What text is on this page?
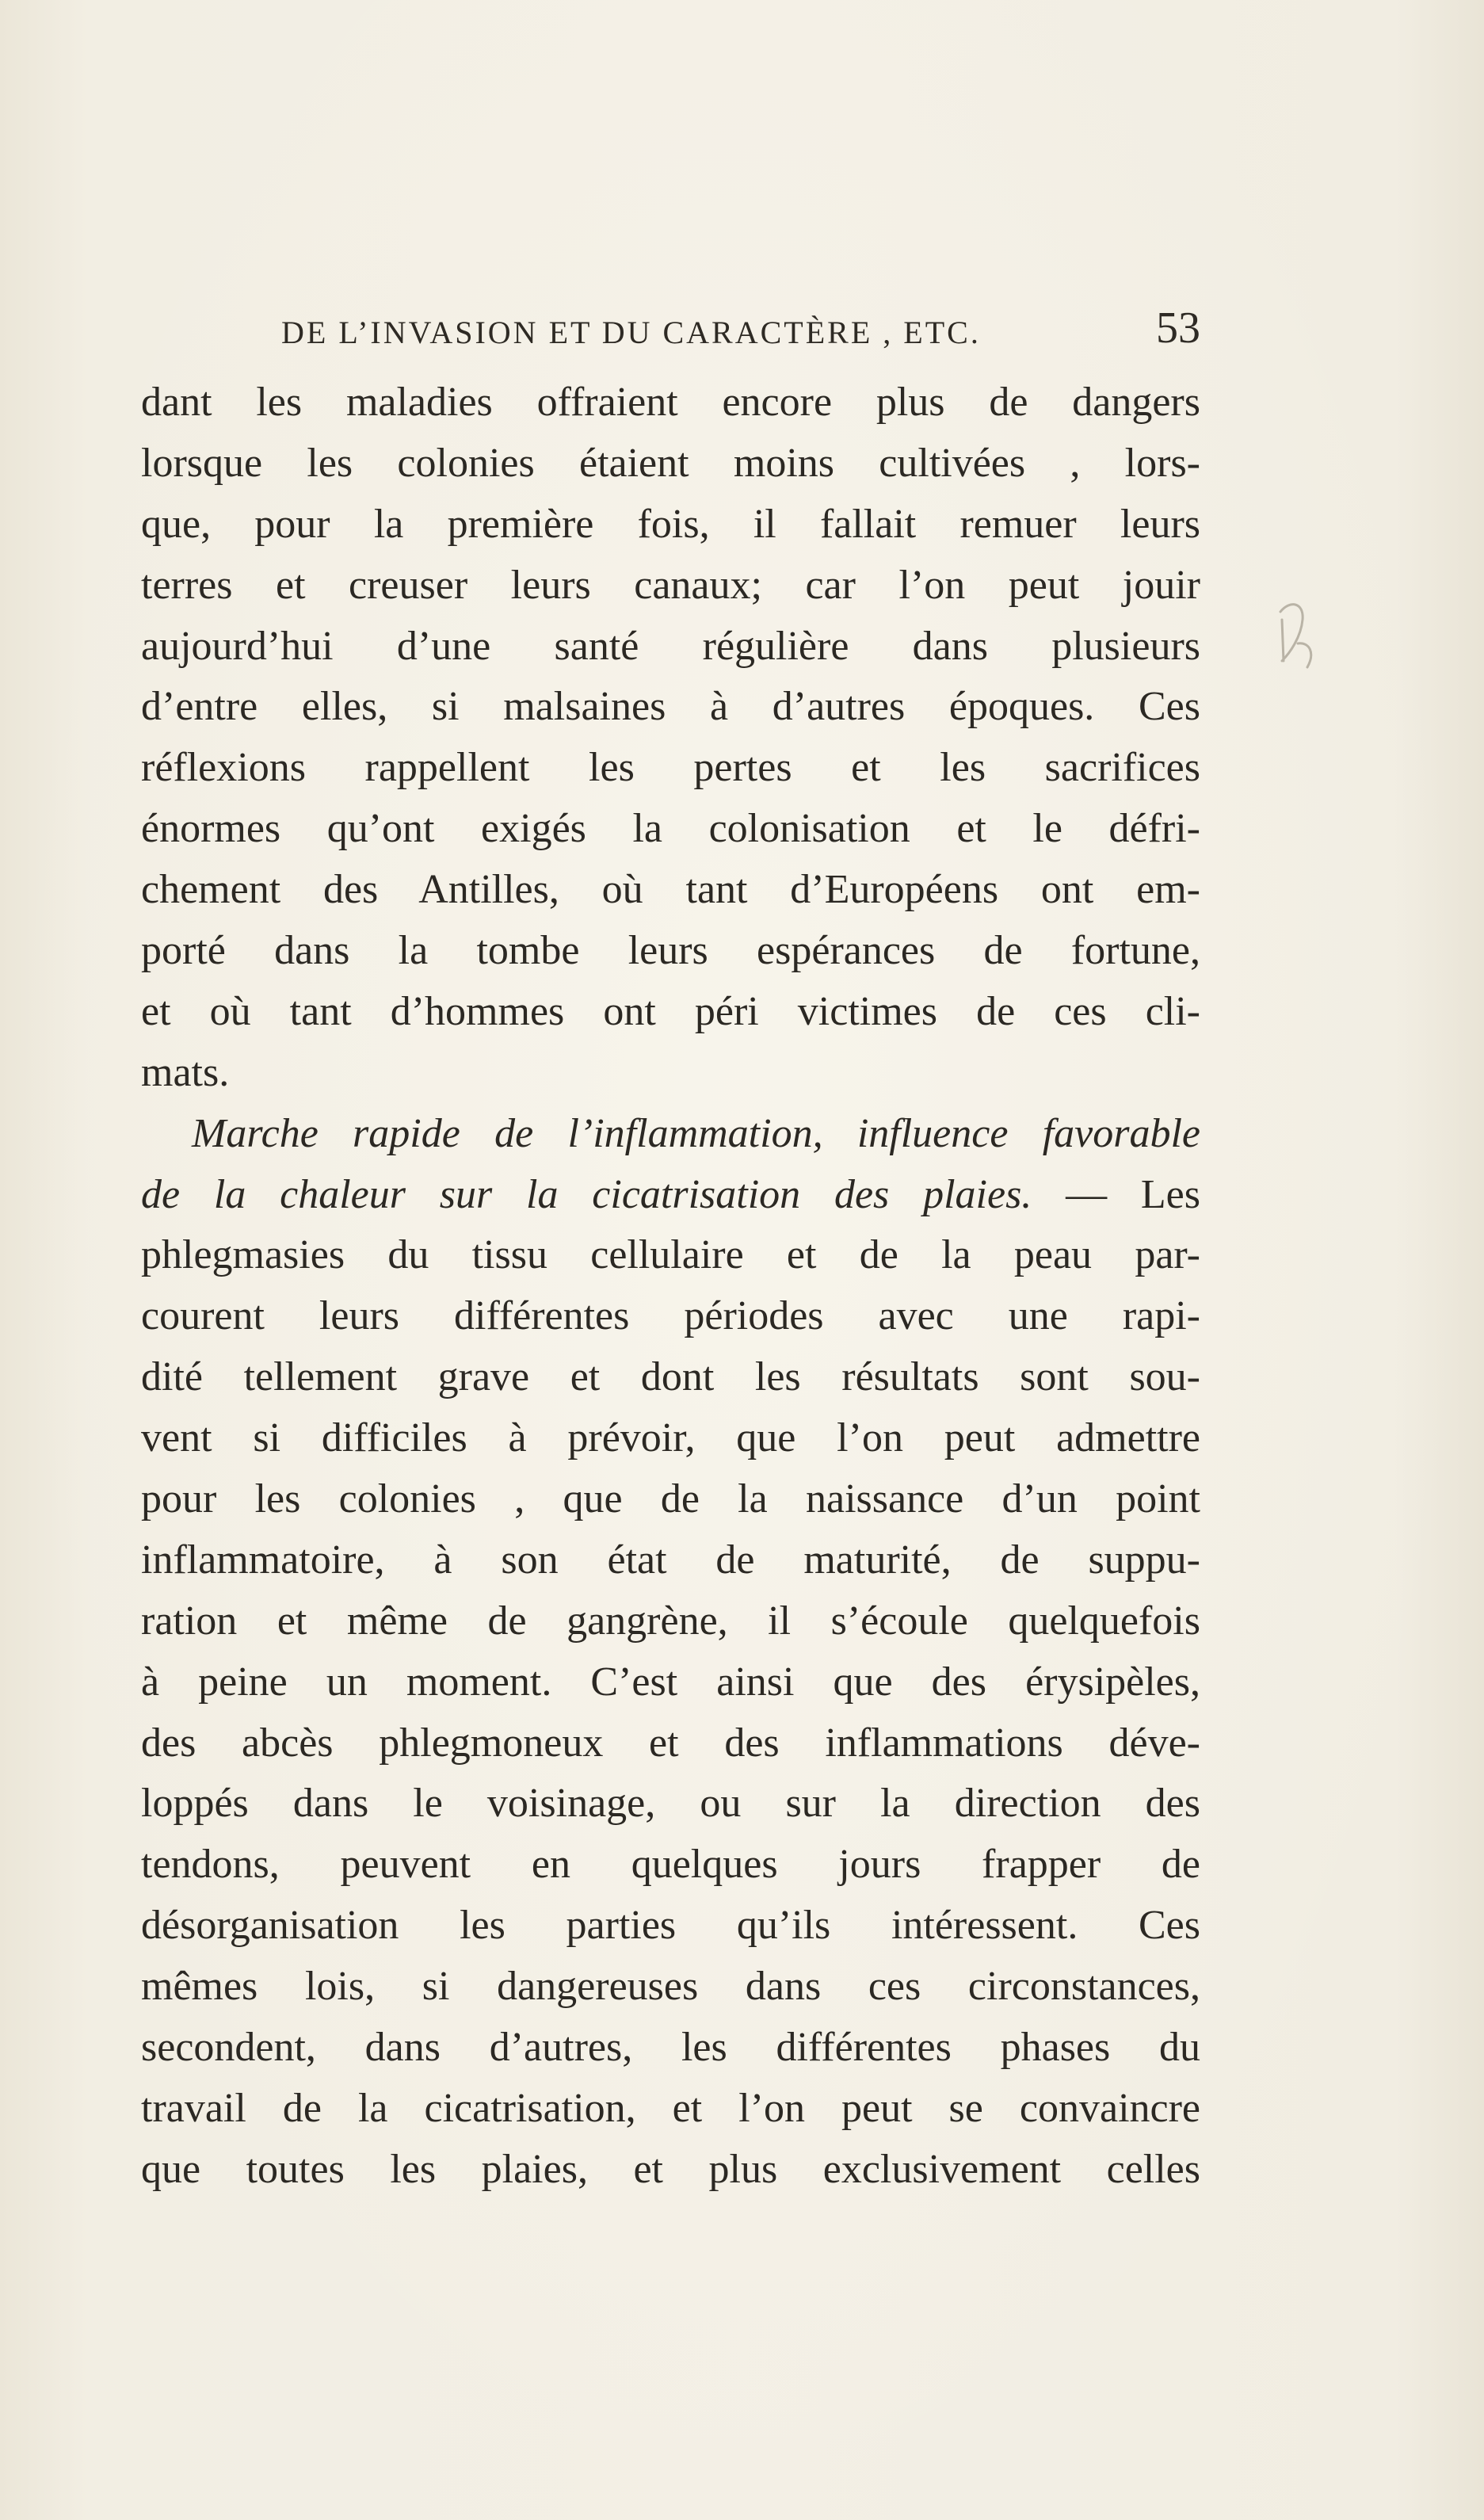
DE L’INVASION ET DU CARACTÈRE , ETC.	53
dant les maladies offraient encore plus de dangers
lorsque les colonies étaient moins cultivées , lors-
que, pour la première fois, il fallait remuer leurs
terres et creuser leurs canaux; car l’on peut jouir
aujourd’hui d’une santé régulière dans plusieurs
d’entre elles, si malsaines à d’autres époques. Ces
réflexions rappellent les pertes et les sacrifices
énormes qu’ont exigés la colonisation et le défri-
chement des Antilles, où tant d’Européens ont em-
porté dans la tombe leurs espérances de fortune,
et où tant d’hommes ont péri victimes de ces cli-
mats.
Marche rapide de l’inflammation, influence favorable
de la chaleur sur la cicatrisation des plaies. — Les
phlegmasies du tissu cellulaire et de la peau par-
courent leurs différentes périodes avec une rapi-
dité tellement grave et dont les résultats sont sou-
vent si difficiles à prévoir, que l’on peut admettre
pour les colonies , que de la naissance d’un point
inflammatoire, à son état de maturité, de suppu-
ration et même de gangrène, il s’écoule quelquefois
à peine un moment. C’est ainsi que des érysipèles,
des abcès phlegmoneux et des inflammations déve-
loppés dans le voisinage, ou sur la direction des
tendons, peuvent en quelques jours frapper de
désorganisation les parties qu’ils intéressent. Ces
mêmes lois, si dangereuses dans ces circonstances,
secondent, dans d’autres, les différentes phases du
travail de la cicatrisation, et l’on peut se convaincre
que toutes les plaies, et plus exclusivement celles
